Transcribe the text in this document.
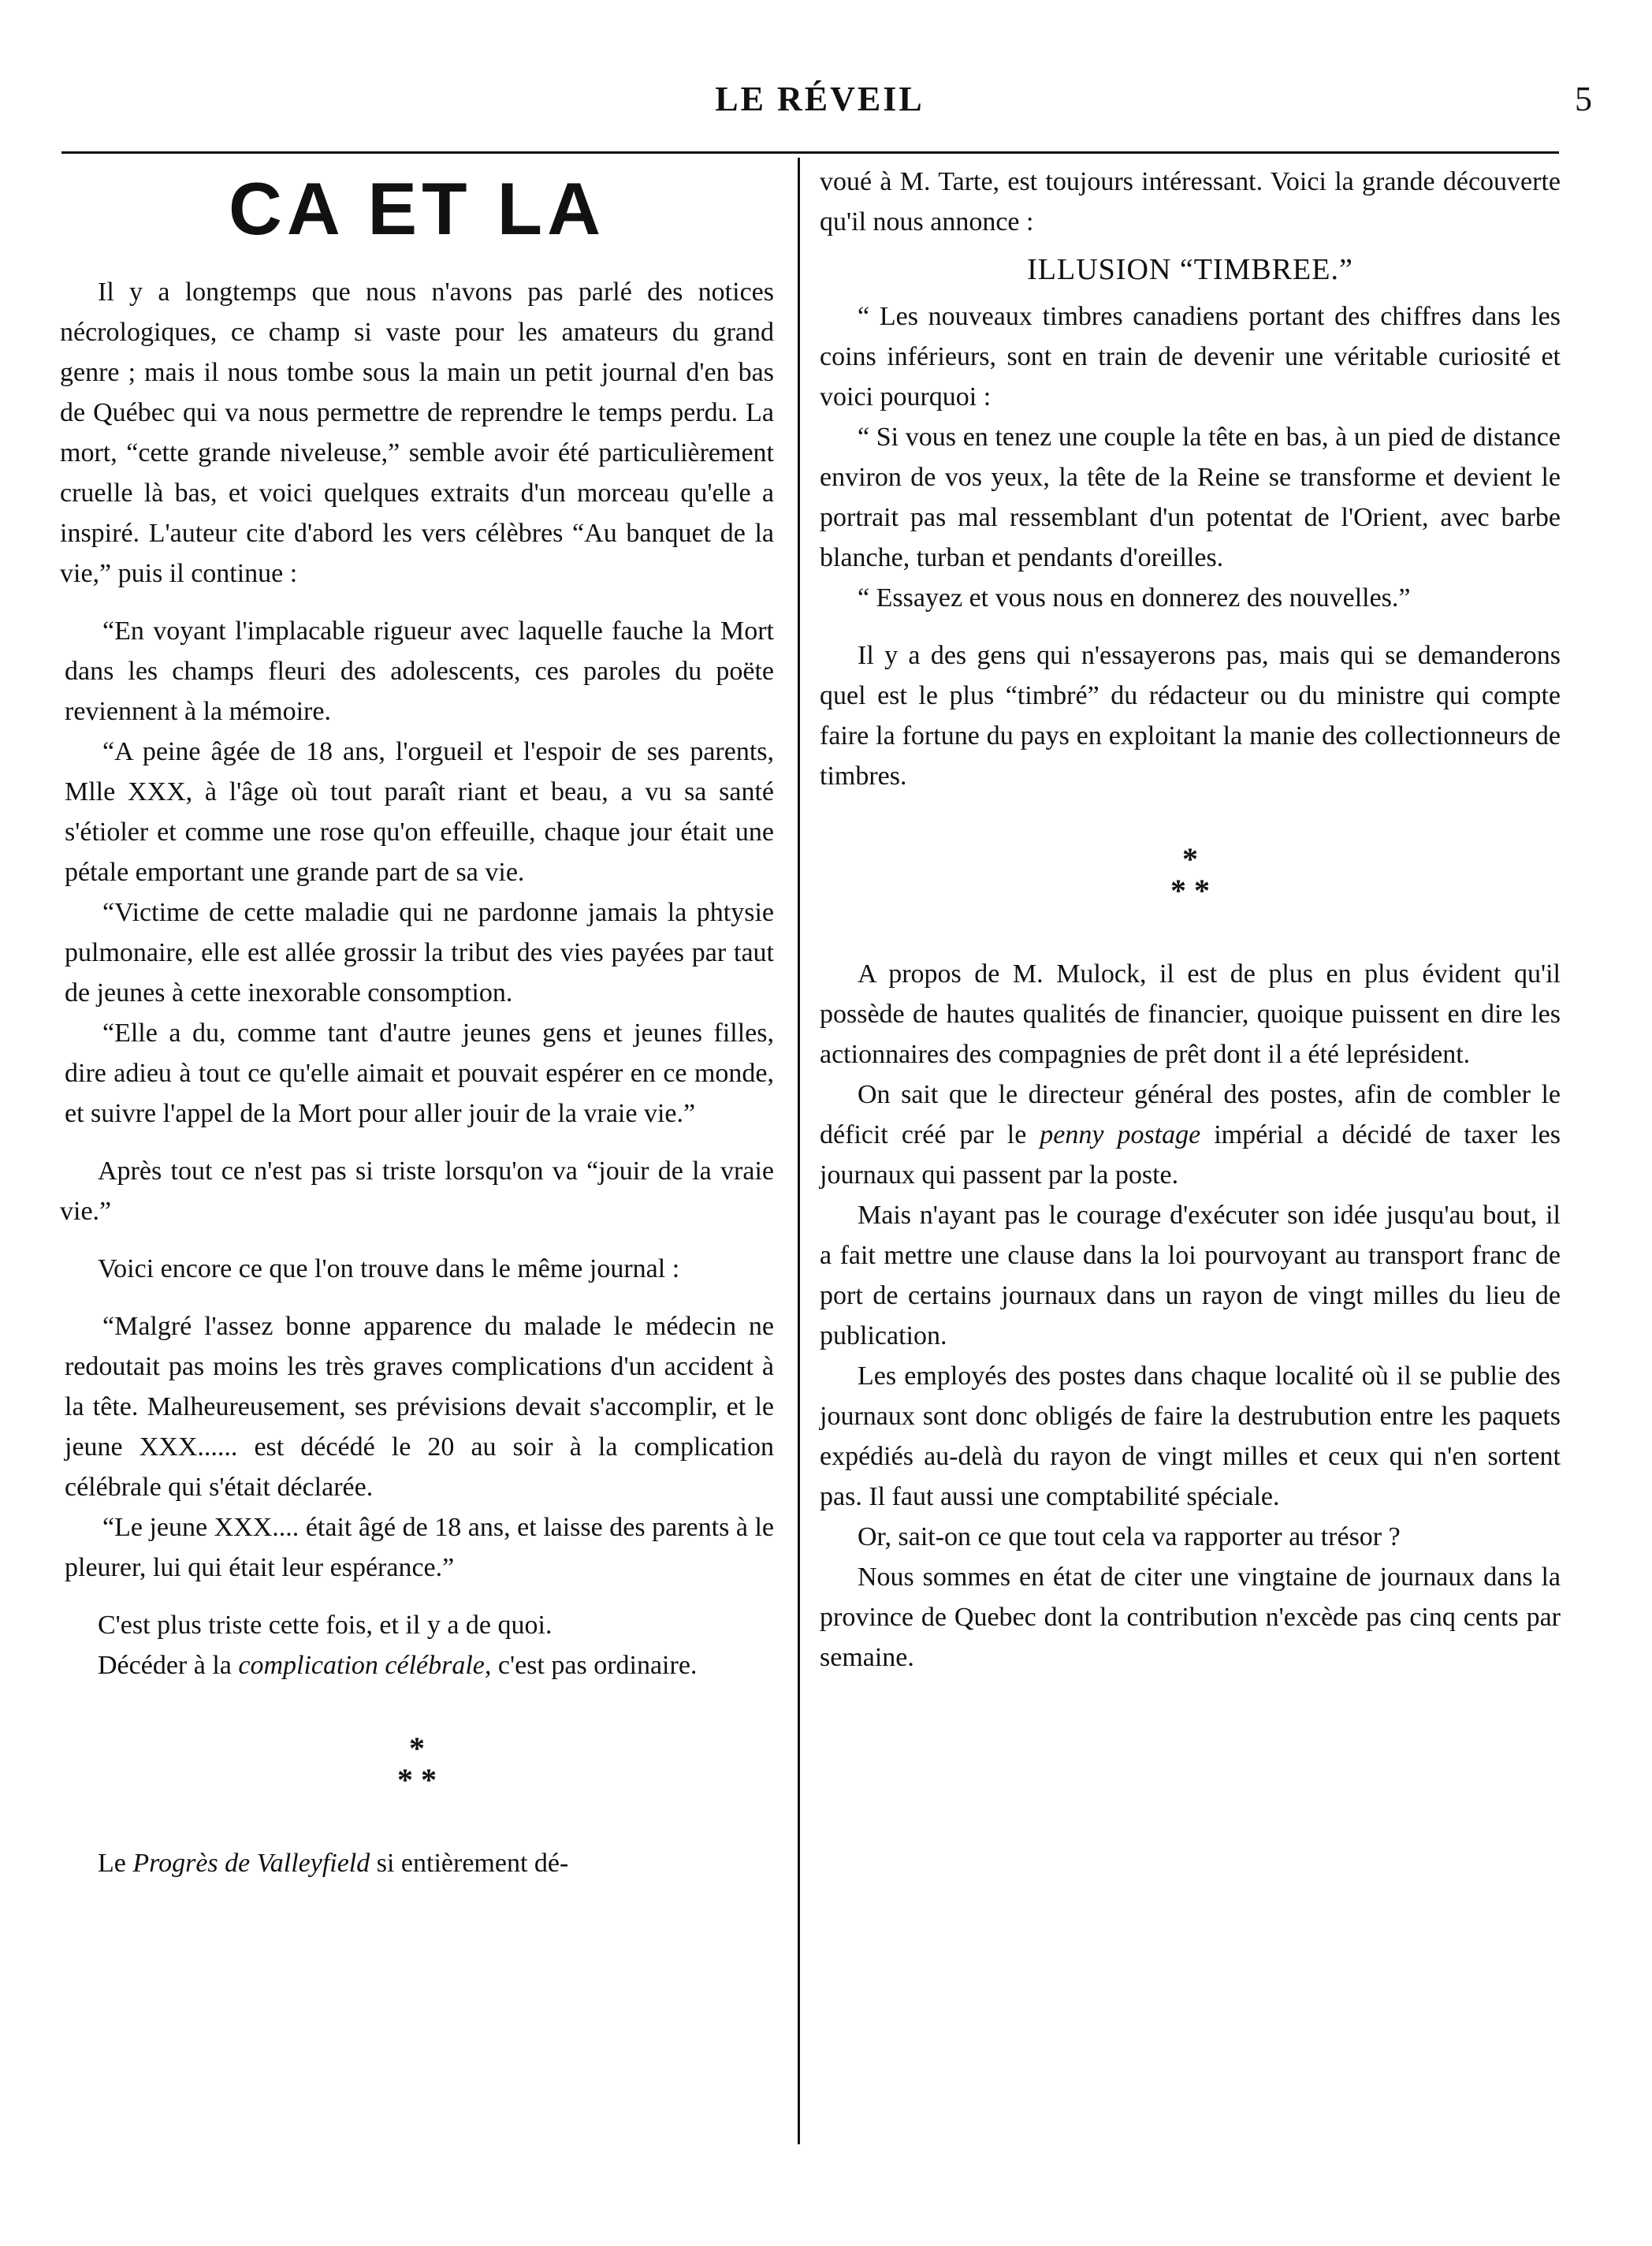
LE RÉVEIL	5
CA ET LA

Il y a longtemps que nous n'avons pas parlé des notices nécrologiques, ce champ si vaste pour les amateurs du grand genre ; mais il nous tombe sous la main un petit journal d'en bas de Québec qui va nous permettre de reprendre le temps perdu. La mort, “cette grande niveleuse,” semble avoir été particulièrement cruelle là bas, et voici quelques extraits d'un morceau qu'elle a inspiré. L'auteur cite d'abord les vers célèbres “Au banquet de la vie,” puis il continue :

“En voyant l'implacable rigueur avec laquelle fauche la Mort dans les champs fleuri des adolescents, ces paroles du poëte reviennent à la mémoire.

“A peine âgée de 18 ans, l'orgueil et l'espoir de ses parents, Mlle XXX, à l'âge où tout paraît riant et beau, a vu sa santé s'étioler et comme une rose qu'on effeuille, chaque jour était une pétale emportant une grande part de sa vie.

“Victime de cette maladie qui ne pardonne jamais la phtysie pulmonaire, elle est allée grossir la tribut des vies payées par taut de jeunes à cette inexorable consomption.

“Elle a du, comme tant d'autre jeunes gens et jeunes filles, dire adieu à tout ce qu'elle aimait et pouvait espérer en ce monde, et suivre l'appel de la Mort pour aller jouir de la vraie vie.”

Après tout ce n'est pas si triste lorsqu'on va “jouir de la vraie vie.”

Voici encore ce que l'on trouve dans le même journal :

“Malgré l'assez bonne apparence du malade le médecin ne redoutait pas moins les très graves complications d'un accident à la tête. Malheureusement, ses prévisions devait s'accomplir, et le jeune XXX...... est décédé le 20 au soir à la complication célébrale qui s'était déclarée.

“Le jeune XXX.... était âgé de 18 ans, et laisse des parents à le pleurer, lui qui était leur espérance.”

C'est plus triste cette fois, et il y a de quoi.

Décéder à la complication célébrale, c'est pas ordinaire.

*
* *

Le Progrès de Valleyfield si entièrement dé-

voué à M. Tarte, est toujours intéressant. Voici la grande découverte qu'il nous annonce :

ILLUSION “TIMBREE.”

“ Les nouveaux timbres canadiens portant des chiffres dans les coins inférieurs, sont en train de devenir une véritable curiosité et voici pourquoi :

“ Si vous en tenez une couple la tête en bas, à un pied de distance environ de vos yeux, la tête de la Reine se transforme et devient le portrait pas mal ressemblant d'un potentat de l'Orient, avec barbe blanche, turban et pendants d'oreilles.

“ Essayez et vous nous en donnerez des nouvelles.”

Il y a des gens qui n'essayerons pas, mais qui se demanderons quel est le plus “timbré” du rédacteur ou du ministre qui compte faire la fortune du pays en exploitant la manie des collectionneurs de timbres.

*
* *

A propos de M. Mulock, il est de plus en plus évident qu'il possède de hautes qualités de financier, quoique puissent en dire les actionnaires des compagnies de prêt dont il a été leprésident.

On sait que le directeur général des postes, afin de combler le déficit créé par le penny postage impérial a décidé de taxer les journaux qui passent par la poste.

Mais n'ayant pas le courage d'exécuter son idée jusqu'au bout, il a fait mettre une clause dans la loi pourvoyant au transport franc de port de certains journaux dans un rayon de vingt milles du lieu de publication.

Les employés des postes dans chaque localité où il se publie des journaux sont donc obligés de faire la destrubution entre les paquets expédiés au-delà du rayon de vingt milles et ceux qui n'en sortent pas. Il faut aussi une comptabilité spéciale.

Or, sait-on ce que tout cela va rapporter au trésor ?

Nous sommes en état de citer une vingtaine de journaux dans la province de Quebec dont la contribution n'excède pas cinq cents par semaine.
